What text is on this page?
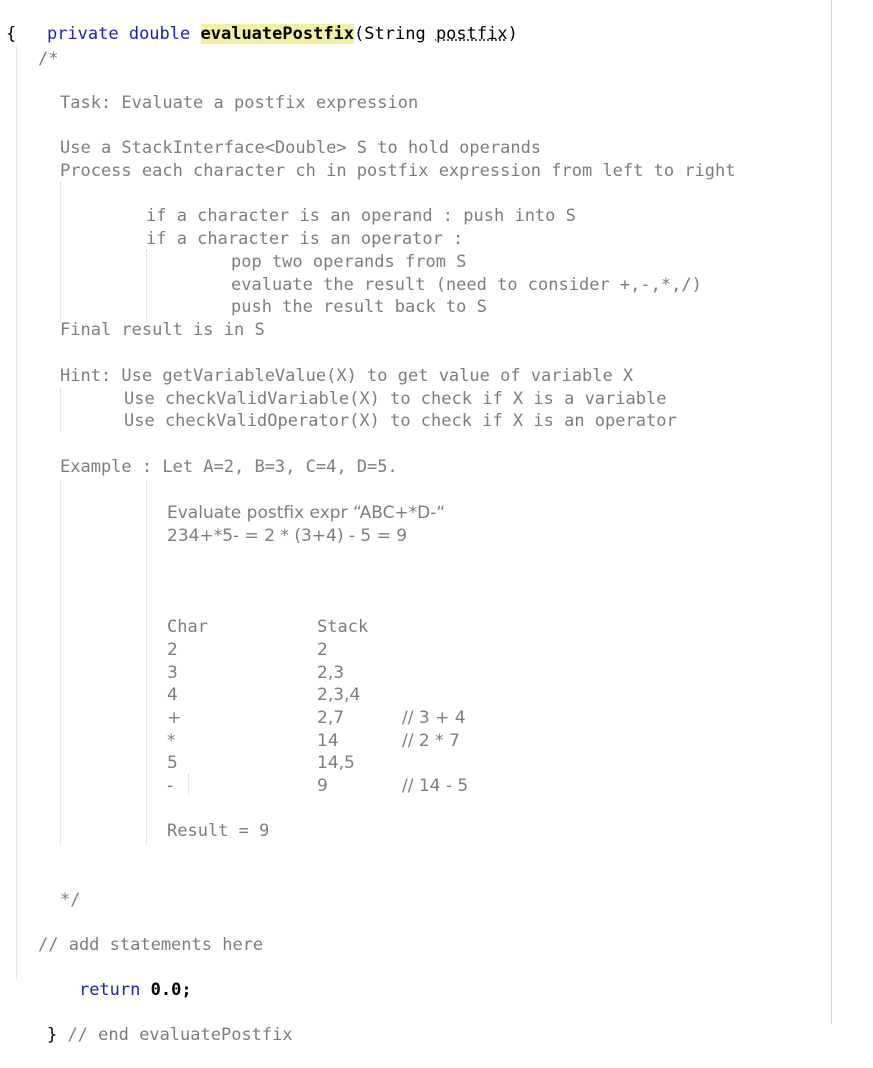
private double evaluatePostfix(String postfix)

{
/*
Task: Evaluate a postfix expression
Use a StackInterface<Double> S to hold operands
Process each character ch in postfix expression from left to right
if a character is an operand : push into S
if a character is an operator :
pop two operands from S
evaluate the result (need to consider +,-,*,/)
push the result back to S
Final result is in S
Hint: Use getVariableValue(X) to get value of variable X
Use checkValidVariable(X) to check if X is a variable
Use checkValidOperator(X) to check if X is an operator
Example : Let A=2, B=3, C=4, D=5.
Evaluate postfix expr “ABC+*D-“
234+*5- = 2 * (3+4) - 5 = 9
Char	Stack
2	2
3	2,3
4	2,3,4
+	2,7	// 3 + 4
*	14	// 2 * 7
5	14,5
-	9	// 14 - 5
Result = 9
*/
// add statements here

return 0.0;

} // end evaluatePostfix
